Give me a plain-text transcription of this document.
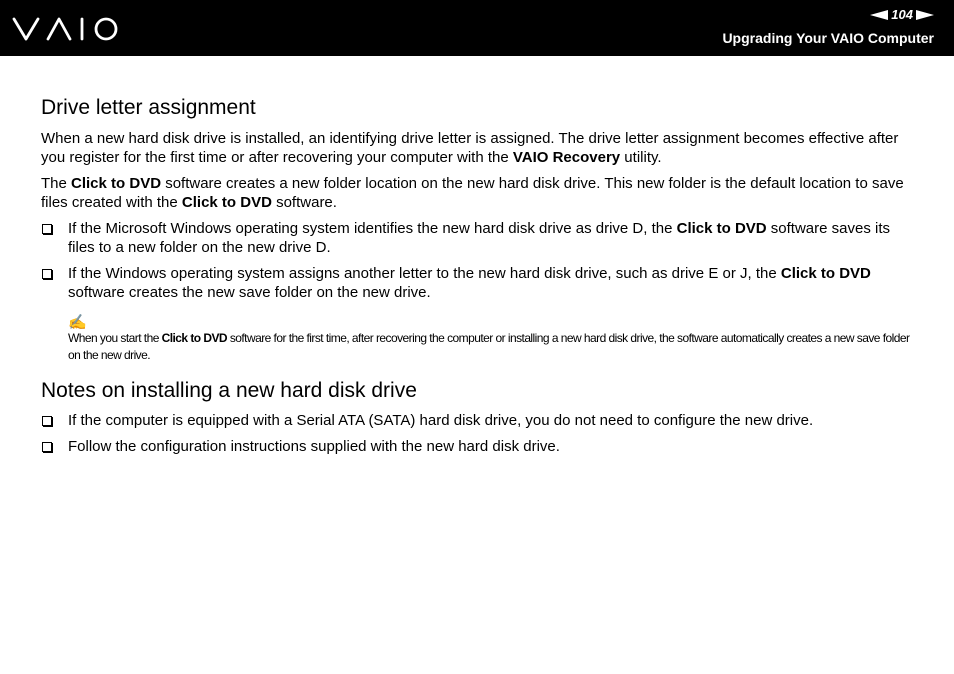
104
Upgrading Your VAIO Computer
Drive letter assignment

When a new hard disk drive is installed, an identifying drive letter is assigned. The drive letter assignment becomes effective after you register for the first time or after recovering your computer with the VAIO Recovery utility.

The Click to DVD software creates a new folder location on the new hard disk drive. This new folder is the default location to save files created with the Click to DVD software.

If the Microsoft Windows operating system identifies the new hard disk drive as drive D, the Click to DVD software saves its files to a new folder on the new drive D.
If the Windows operating system assigns another letter to the new hard disk drive, such as drive E or J, the Click to DVD software creates the new save folder on the new drive.
✍
When you start the Click to DVD software for the first time, after recovering the computer or installing a new hard disk drive, the software automatically creates a new save folder on the new drive.
Notes on installing a new hard disk drive
If the computer is equipped with a Serial ATA (SATA) hard disk drive, you do not need to configure the new drive.
Follow the configuration instructions supplied with the new hard disk drive.
